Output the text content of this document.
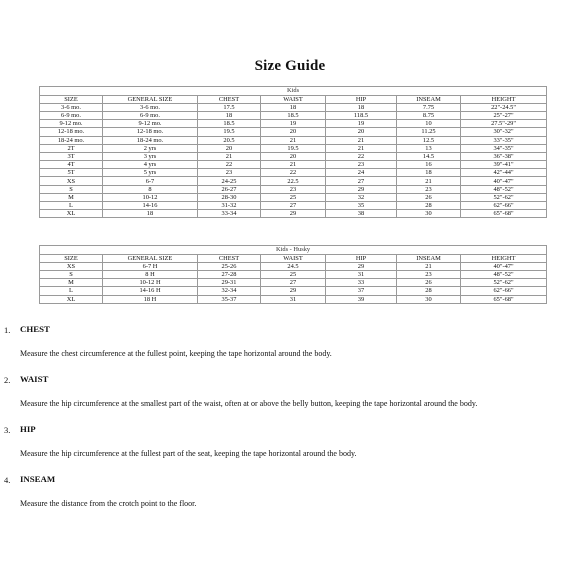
Size Guide
Kids						
SIZE	GENERAL SIZE	CHEST	WAIST	HIP	INSEAM	HEIGHT
3-6 mo.	3-6 mo.	17.5	18	18	7.75	22"-24.5"
6-9 mo.	6-9 mo.	18	18.5	118.5	8.75	25"-27"
9-12 mo.	9-12 mo.	18.5	19	19	10	27.5"-29"
12-18 mo.	12-18 mo.	19.5	20	20	11.25	30"-32"
18-24 mo.	18-24 mo.	20.5	21	21	12.5	33"-35"
2T	2 yrs	20	19.5	21	13	34"-35"
3T	3 yrs	21	20	22	14.5	36"-38"
4T	4 yrs	22	21	23	16	39"-41"
5T	5 yrs	23	22	24	18	42"-44"
XS	6-7	24-25	22.5	27	21	40"-47"
S	8	26-27	23	29	23	48"-52"
M	10-12	28-30	25	32	26	52"-62"
L	14-16	31-32	27	35	28	62"-66"
XL	18	33-34	29	38	30	65"-68"
Kids - Husky						
SIZE	GENERAL SIZE	CHEST	WAIST	HIP	INSEAM	HEIGHT
XS	6-7 H	25-26	24.5	29	21	40"-47"
S	8 H	27-28	25	31	23	48"-52"
M	10-12 H	29-31	27	33	26	52"-62"
L	14-16 H	32-34	29	37	28	62"-66"
XL	18 H	35-37	31	39	30	65"-68"
1. CHEST
Measure the chest circumference at the fullest point, keeping the tape horizontal around the body.
2. WAIST
Measure the hip circumference at the smallest part of the waist, often at or above the belly button, keeping the tape horizontal around the body.
3. HIP
Measure the hip circumference at the fullest part of the seat, keeping the tape horizontal around the body.
4. INSEAM
Measure the distance from the crotch point to the floor.
